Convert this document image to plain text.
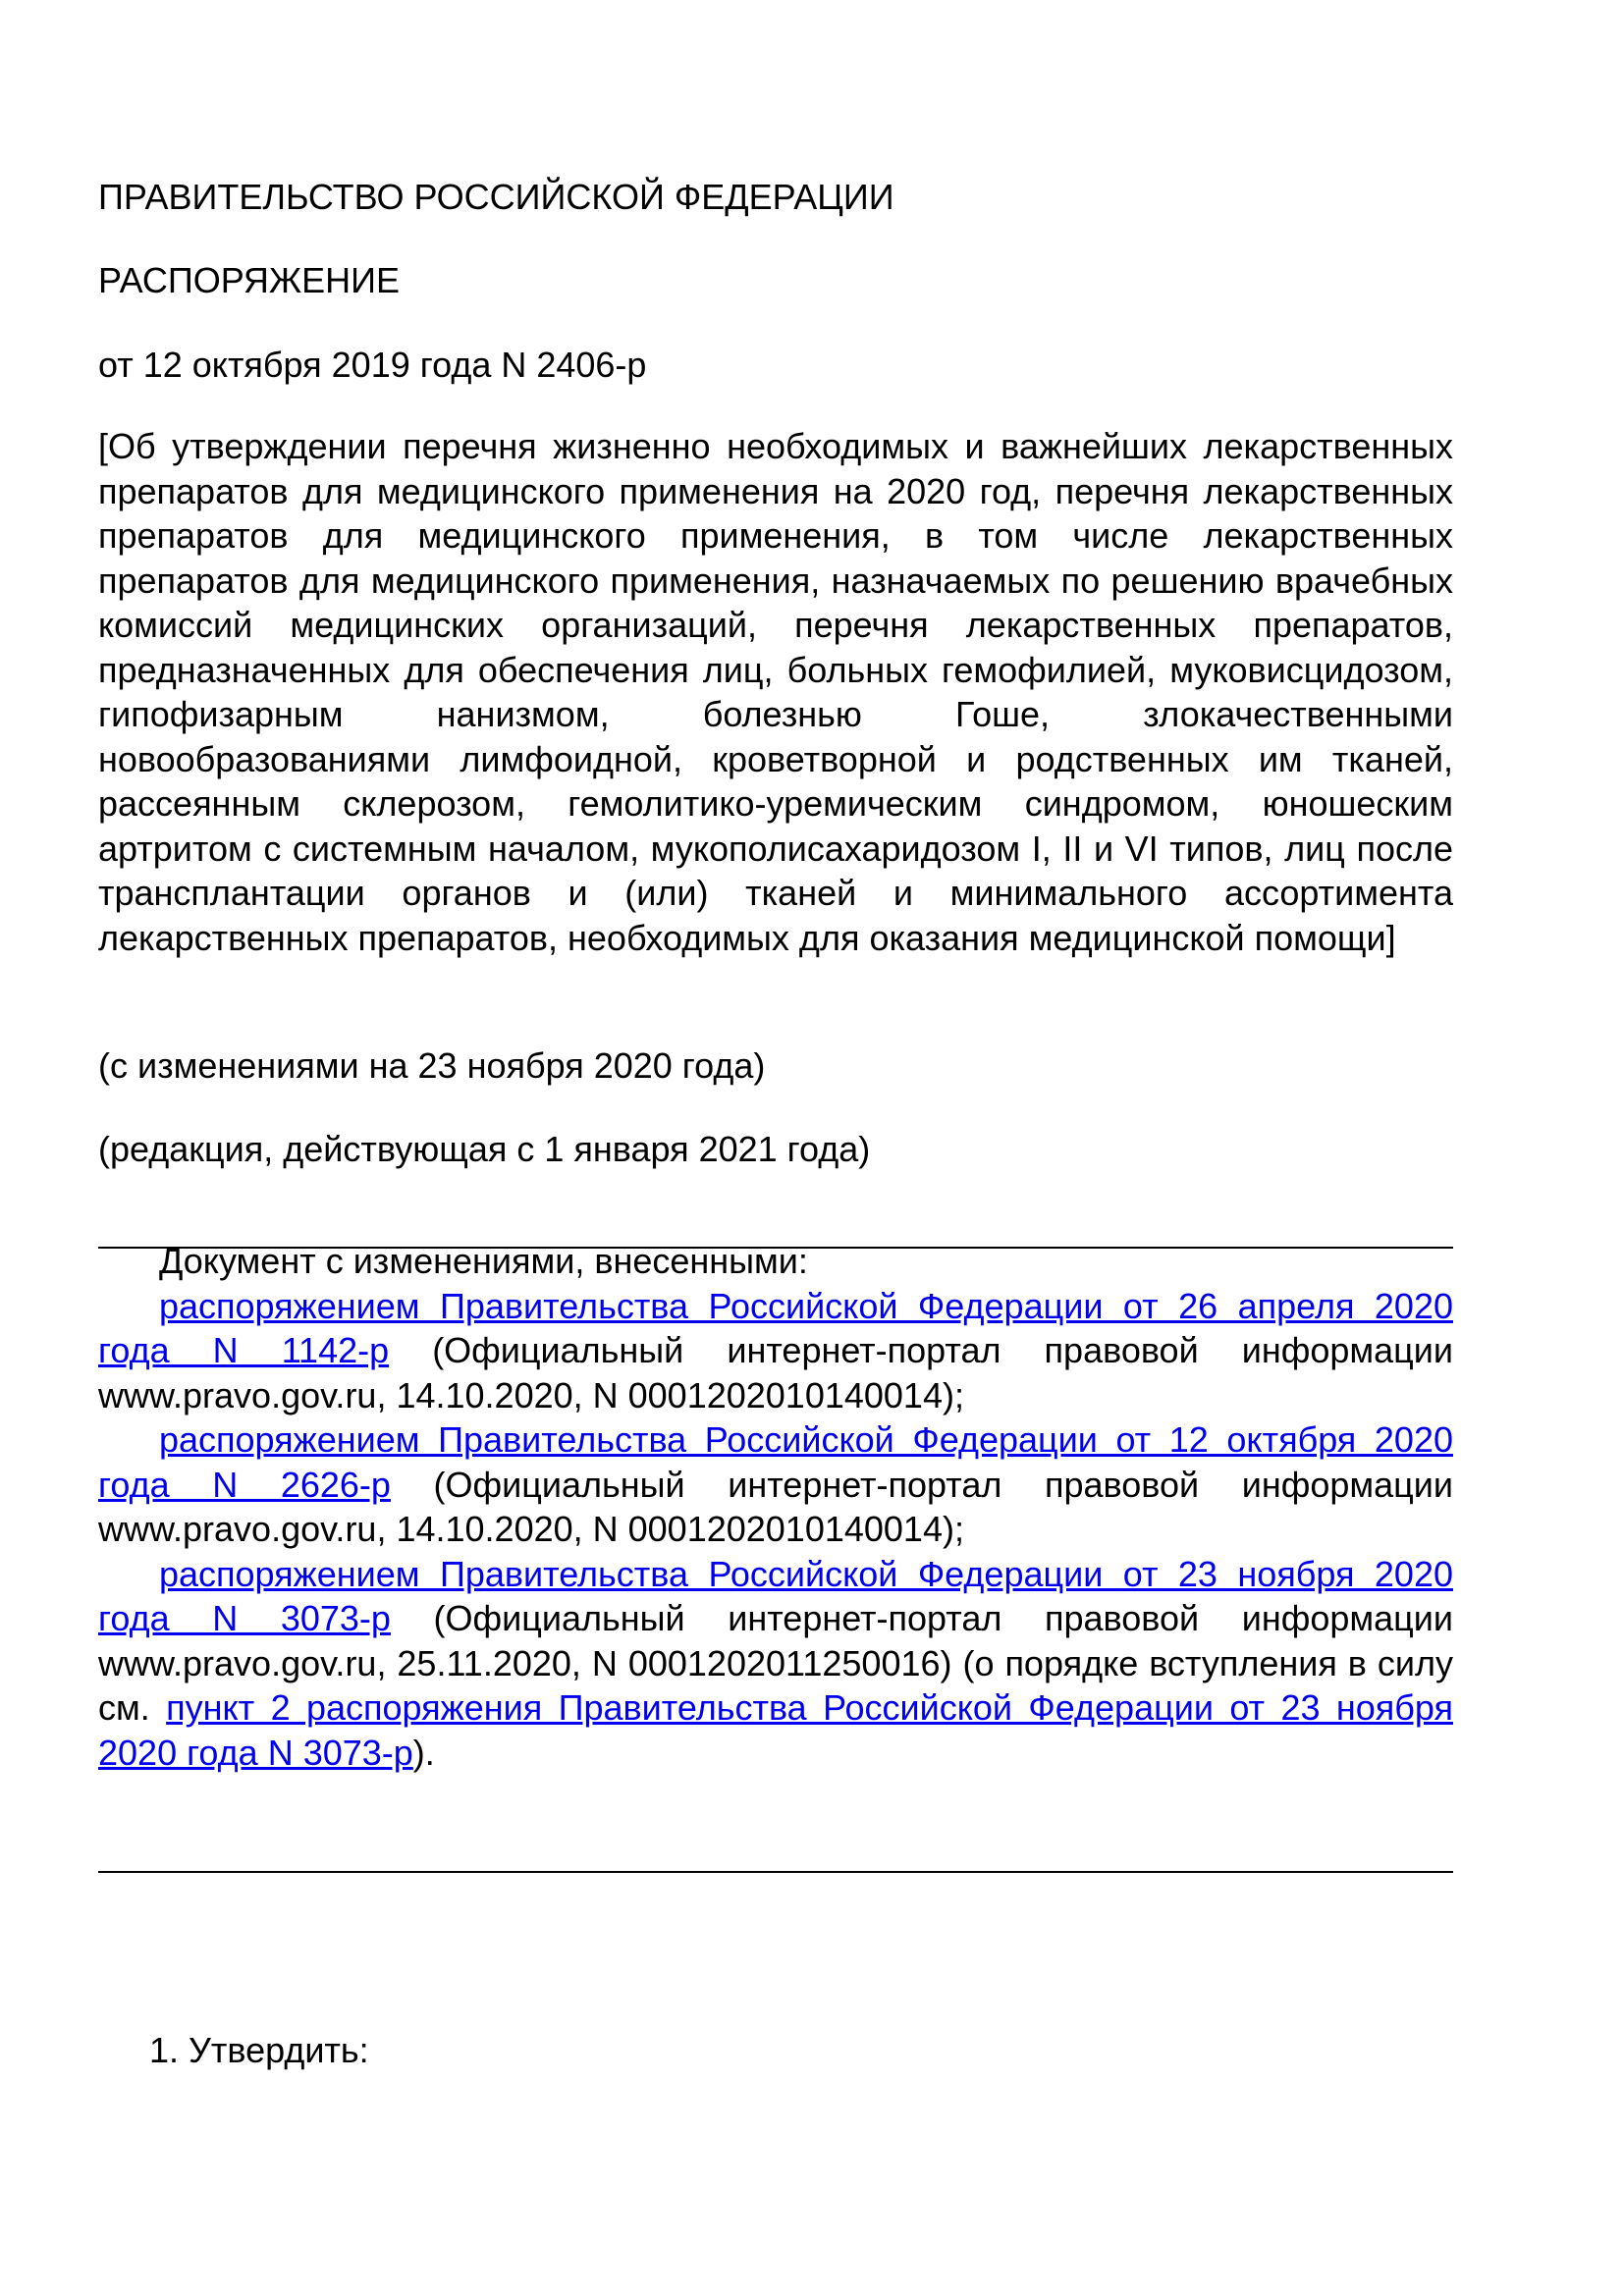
ПРАВИТЕЛЬСТВО РОССИЙСКОЙ ФЕДЕРАЦИИ

РАСПОРЯЖЕНИЕ

от 12 октября 2019 года N 2406-р

[Об утверждении перечня жизненно необходимых и важнейших лекарственных препаратов для медицинского применения на 2020 год, перечня лекарственных препаратов для медицинского применения, в том числе лекарственных препаратов для медицинского применения, назначаемых по решению врачебных комиссий медицинских организаций, перечня лекарственных препаратов, предназначенных для обеспечения лиц, больных гемофилией, муковисцидозом, гипофизарным нанизмом, болезнью Гоше, злокачественными новообразованиями лимфоидной, кроветворной и родственных им тканей, рассеянным склерозом, гемолитико-уремическим синдромом, юношеским артритом с системным началом, мукополисахаридозом I, II и VI типов, лиц после трансплантации органов и (или) тканей и минимального ассортимента лекарственных препаратов, необходимых для оказания медицинской помощи]

(с изменениями на 23 ноября 2020 года)

(редакция, действующая с 1 января 2021 года)

Документ с изменениями, внесенными:

распоряжением Правительства Российской Федерации от 26 апреля 2020 года N 1142-р (Официальный интернет-портал правовой информации www.pravo.gov.ru, 14.10.2020, N 0001202010140014);

распоряжением Правительства Российской Федерации от 12 октября 2020 года N 2626-р (Официальный интернет-портал правовой информации www.pravo.gov.ru, 14.10.2020, N 0001202010140014);

распоряжением Правительства Российской Федерации от 23 ноября 2020 года N 3073-р (Официальный интернет-портал правовой информации www.pravo.gov.ru, 25.11.2020, N 0001202011250016) (о порядке вступления в силу см. пункт 2 распоряжения Правительства Российской Федерации от 23 ноября 2020 года N 3073-р).

1. Утвердить:
